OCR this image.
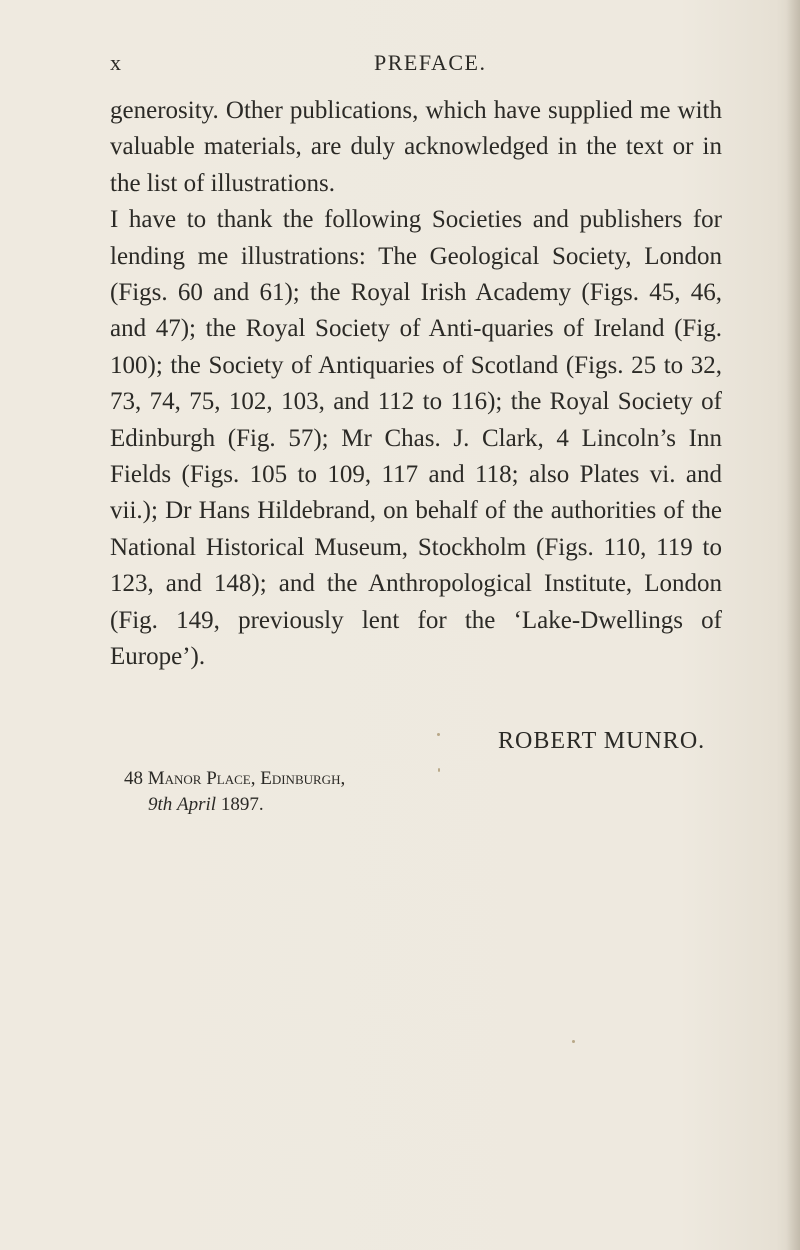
x	PREFACE.

generosity. Other publications, which have supplied me with valuable materials, are duly acknowledged in the text or in the list of illustrations.

I have to thank the following Societies and publishers for lending me illustrations: The Geological Society, London (Figs. 60 and 61); the Royal Irish Academy (Figs. 45, 46, and 47); the Royal Society of Anti-quaries of Ireland (Fig. 100); the Society of Antiquaries of Scotland (Figs. 25 to 32, 73, 74, 75, 102, 103, and 112 to 116); the Royal Society of Edinburgh (Fig. 57); Mr Chas. J. Clark, 4 Lincoln’s Inn Fields (Figs. 105 to 109, 117 and 118; also Plates vi. and vii.); Dr Hans Hildebrand, on behalf of the authorities of the National Historical Museum, Stockholm (Figs. 110, 119 to 123, and 148); and the Anthropological Institute, London (Fig. 149, previously lent for the ‘Lake-Dwellings of Europe’).

ROBERT MUNRO.
48 Manor Place, Edinburgh,
9th April 1897.
